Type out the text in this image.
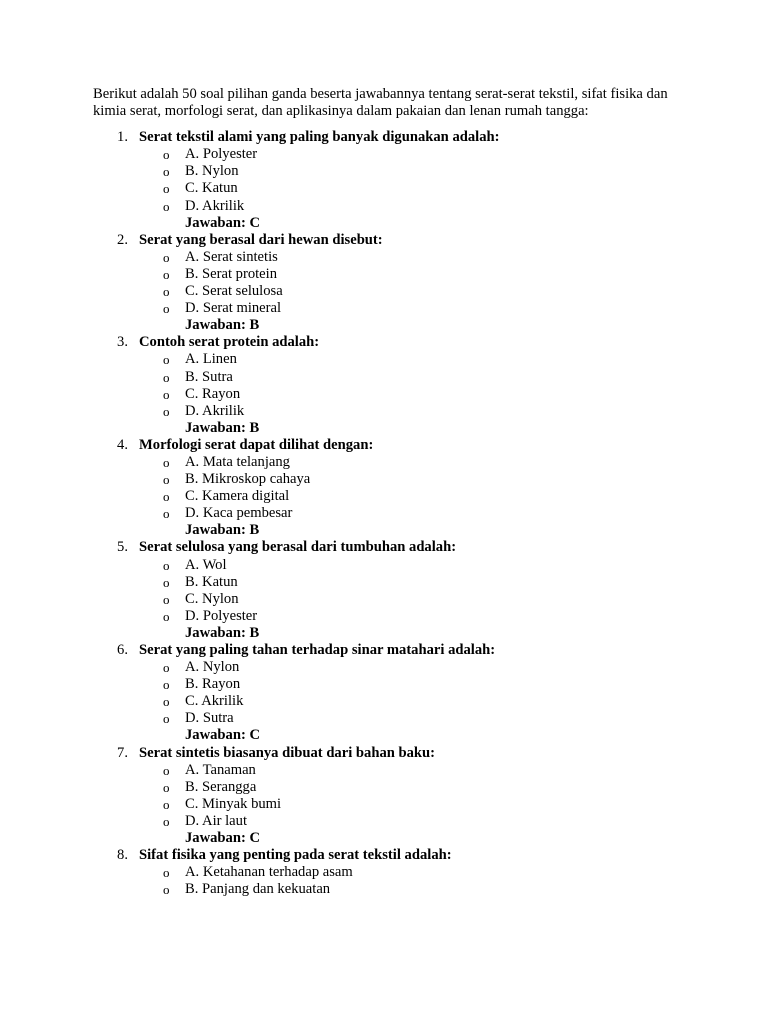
Berikut adalah 50 soal pilihan ganda beserta jawabannya tentang serat-serat tekstil, sifat fisika dan kimia serat, morfologi serat, dan aplikasinya dalam pakaian dan lenan rumah tangga:

1. Serat tekstil alami yang paling banyak digunakan adalah:
o A. Polyester
o B. Nylon
o C. Katun
o D. Akrilik
Jawaban: C
2. Serat yang berasal dari hewan disebut:
o A. Serat sintetis
o B. Serat protein
o C. Serat selulosa
o D. Serat mineral
Jawaban: B
3. Contoh serat protein adalah:
o A. Linen
o B. Sutra
o C. Rayon
o D. Akrilik
Jawaban: B
4. Morfologi serat dapat dilihat dengan:
o A. Mata telanjang
o B. Mikroskop cahaya
o C. Kamera digital
o D. Kaca pembesar
Jawaban: B
5. Serat selulosa yang berasal dari tumbuhan adalah:
o A. Wol
o B. Katun
o C. Nylon
o D. Polyester
Jawaban: B
6. Serat yang paling tahan terhadap sinar matahari adalah:
o A. Nylon
o B. Rayon
o C. Akrilik
o D. Sutra
Jawaban: C
7. Serat sintetis biasanya dibuat dari bahan baku:
o A. Tanaman
o B. Serangga
o C. Minyak bumi
o D. Air laut
Jawaban: C
8. Sifat fisika yang penting pada serat tekstil adalah:
o A. Ketahanan terhadap asam
o B. Panjang dan kekuatan
